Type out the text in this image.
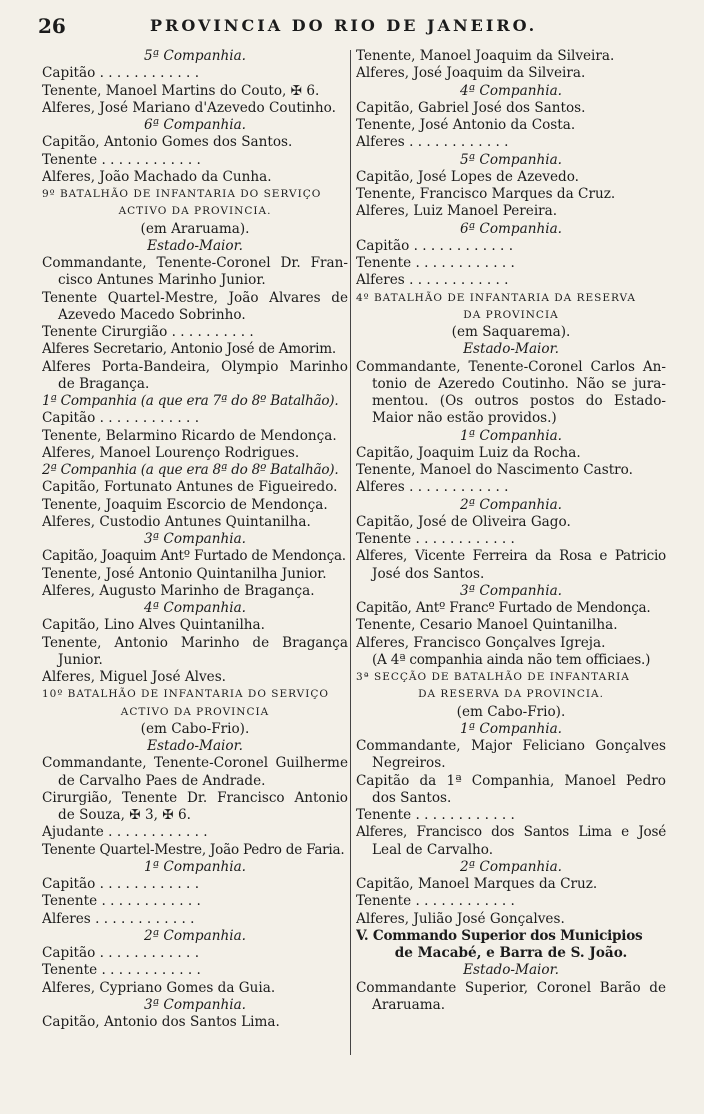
26	PROVINCIA DO RIO DE JANEIRO.
5ª Companhia.
Capitão . . . . . . . . . . . .
Tenente, Manoel Martins do Couto, ✠ 6.
Alferes, José Mariano d'Azevedo Coutinho.
6ª Companhia.
Capitão, Antonio Gomes dos Santos.
Tenente . . . . . . . . . . . .
Alferes, João Machado da Cunha.
9º BATALHÃO DE INFANTARIA DO SERVIÇO
ACTIVO DA PROVINCIA.
(em Araruama).
Estado-Maior.
Commandante, Tenente-Coronel Dr. Fran-
cisco Antunes Marinho Junior.
Tenente Quartel-Mestre, João Alvares de
Azevedo Macedo Sobrinho.
Tenente Cirurgião . . . . . . . . . .
Alferes Secretario, Antonio José de Amorim.
Alferes Porta-Bandeira, Olympio Marinho
de Bragança.
1ª Companhia (a que era 7ª do 8º Batalhão).
Capitão . . . . . . . . . . . .
Tenente, Belarmino Ricardo de Mendonça.
Alferes, Manoel Lourenço Rodrigues.
2ª Companhia (a que era 8ª do 8º Batalhão).
Capitão, Fortunato Antunes de Figueiredo.
Tenente, Joaquim Escorcio de Mendonça.
Alferes, Custodio Antunes Quintanilha.
3ª Companhia.
Capitão, Joaquim Antº Furtado de Mendonça.
Tenente, José Antonio Quintanilha Junior.
Alferes, Augusto Marinho de Bragança.
4ª Companhia.
Capitão, Lino Alves Quintanilha.
Tenente, Antonio Marinho de Bragança
Junior.
Alferes, Miguel José Alves.
10º BATALHÃO DE INFANTARIA DO SERVIÇO
ACTIVO DA PROVINCIA
(em Cabo-Frio).
Estado-Maior.
Commandante, Tenente-Coronel Guilherme
de Carvalho Paes de Andrade.
Cirurgião, Tenente Dr. Francisco Antonio
de Souza, ✠ 3, ✠ 6.
Ajudante . . . . . . . . . . . .
Tenente Quartel-Mestre, João Pedro de Faria.
1ª Companhia.
Capitão . . . . . . . . . . . .
Tenente . . . . . . . . . . . .
Alferes . . . . . . . . . . . .
2ª Companhia.
Capitão . . . . . . . . . . . .
Tenente . . . . . . . . . . . .
Alferes, Cypriano Gomes da Guia.
3ª Companhia.
Capitão, Antonio dos Santos Lima.
Tenente, Manoel Joaquim da Silveira.
Alferes, José Joaquim da Silveira.
4ª Companhia.
Capitão, Gabriel José dos Santos.
Tenente, José Antonio da Costa.
Alferes . . . . . . . . . . . .
5ª Companhia.
Capitão, José Lopes de Azevedo.
Tenente, Francisco Marques da Cruz.
Alferes, Luiz Manoel Pereira.
6ª Companhia.
Capitão . . . . . . . . . . . .
Tenente . . . . . . . . . . . .
Alferes . . . . . . . . . . . .
4º BATALHÃO DE INFANTARIA DA RESERVA
DA PROVINCIA
(em Saquarema).
Estado-Maior.
Commandante, Tenente-Coronel Carlos An-
tonio de Azeredo Coutinho. Não se jura-
mentou. (Os outros postos do Estado-
Maior não estão providos.)
1ª Companhia.
Capitão, Joaquim Luiz da Rocha.
Tenente, Manoel do Nascimento Castro.
Alferes . . . . . . . . . . . .
2ª Companhia.
Capitão, José de Oliveira Gago.
Tenente . . . . . . . . . . . .
Alferes, Vicente Ferreira da Rosa e Patricio
José dos Santos.
3ª Companhia.
Capitão, Antº Francº Furtado de Mendonça.
Tenente, Cesario Manoel Quintanilha.
Alferes, Francisco Gonçalves Igreja.
(A 4ª companhia ainda não tem officiaes.)
3ª SECÇÃO DE BATALHÃO DE INFANTARIA
DA RESERVA DA PROVINCIA.
(em Cabo-Frio).
1ª Companhia.
Commandante, Major Feliciano Gonçalves
Negreiros.
Capitão da 1ª Companhia, Manoel Pedro
dos Santos.
Tenente . . . . . . . . . . . .
Alferes, Francisco dos Santos Lima e José
Leal de Carvalho.
2ª Companhia.
Capitão, Manoel Marques da Cruz.
Tenente . . . . . . . . . . . .
Alferes, Julião José Gonçalves.
V. Commando Superior dos Municipios
de Macabé, e Barra de S. João.
Estado-Maior.
Commandante Superior, Coronel Barão de
Araruama.
